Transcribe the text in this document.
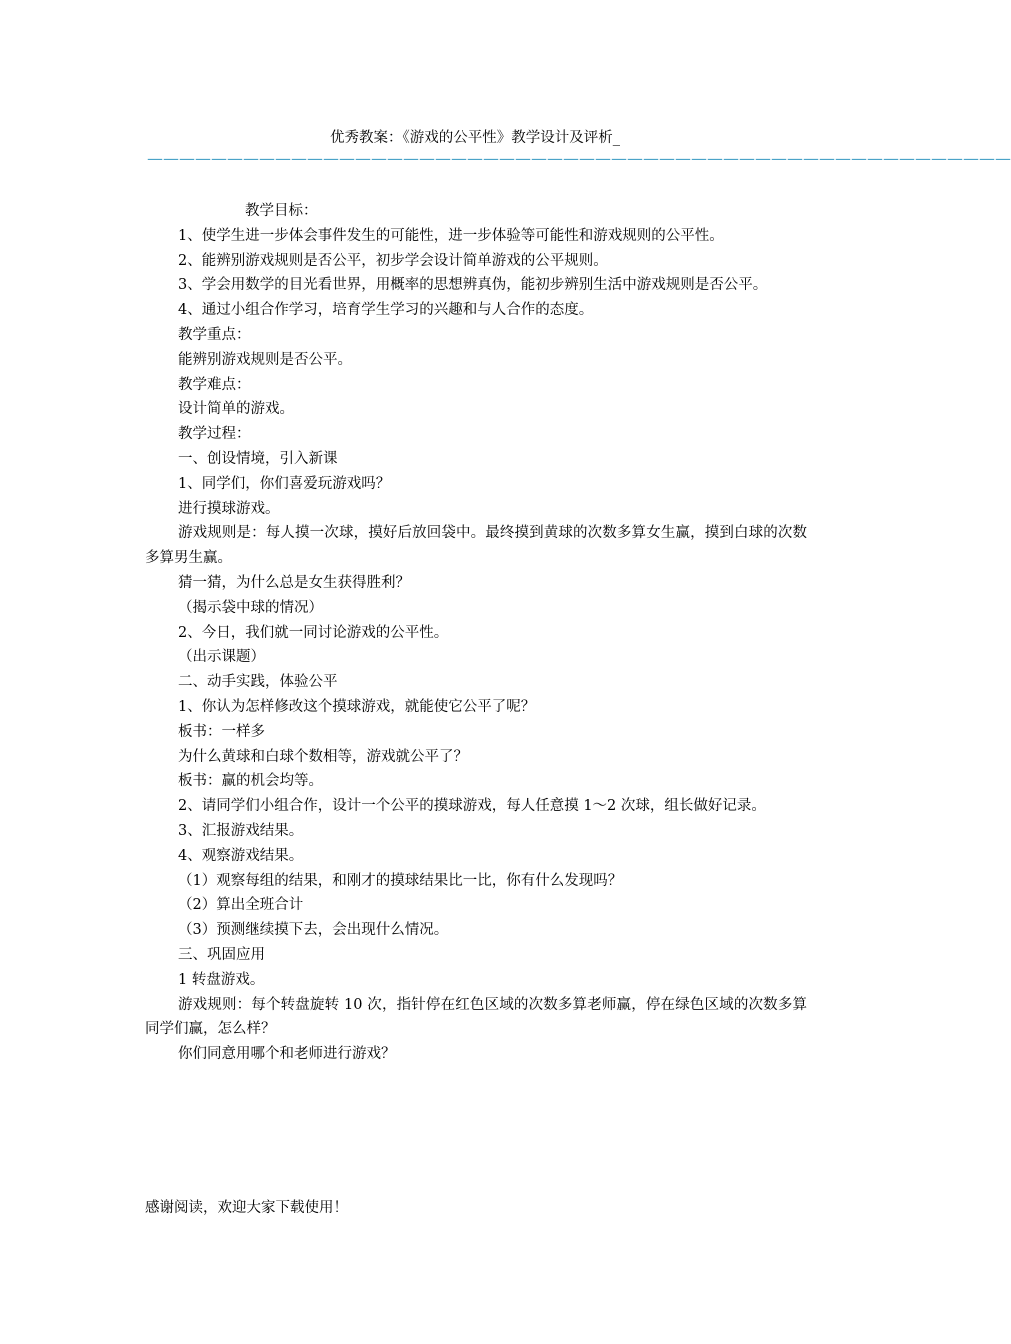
优秀教案：《游戏的公平性》教学设计及评析_
——————————————————————————————————————————————————————

教学目标：

1、使学生进一步体会事件发生的可能性，进一步体验等可能性和游戏规则的公平性。

2、能辨别游戏规则是否公平，初步学会设计简单游戏的公平规则。

3、学会用数学的目光看世界，用概率的思想辨真伪，能初步辨别生活中游戏规则是否公平。

4、通过小组合作学习，培育学生学习的兴趣和与人合作的态度。

教学重点：

能辨别游戏规则是否公平。

教学难点：

设计简单的游戏。

教学过程：

一、创设情境，引入新课

1、同学们，你们喜爱玩游戏吗？

进行摸球游戏。

游戏规则是：每人摸一次球，摸好后放回袋中。最终摸到黄球的次数多算女生赢，摸到白球的次数多算男生赢。

猜一猜，为什么总是女生获得胜利？

（揭示袋中球的情况）

2、今日，我们就一同讨论游戏的公平性。

（出示课题）

二、动手实践，体验公平

1、你认为怎样修改这个摸球游戏，就能使它公平了呢？

板书：一样多

为什么黄球和白球个数相等，游戏就公平了？

板书：赢的机会均等。

2、请同学们小组合作，设计一个公平的摸球游戏，每人任意摸 1～2 次球，组长做好记录。

3、汇报游戏结果。

4、观察游戏结果。

（1）观察每组的结果，和刚才的摸球结果比一比，你有什么发现吗？

（2）算出全班合计

（3）预测继续摸下去，会出现什么情况。

三、巩固应用

1 转盘游戏。

游戏规则：每个转盘旋转 10 次，指针停在红色区域的次数多算老师赢，停在绿色区域的次数多算同学们赢，怎么样？

你们同意用哪个和老师进行游戏？

感谢阅读，欢迎大家下载使用！
